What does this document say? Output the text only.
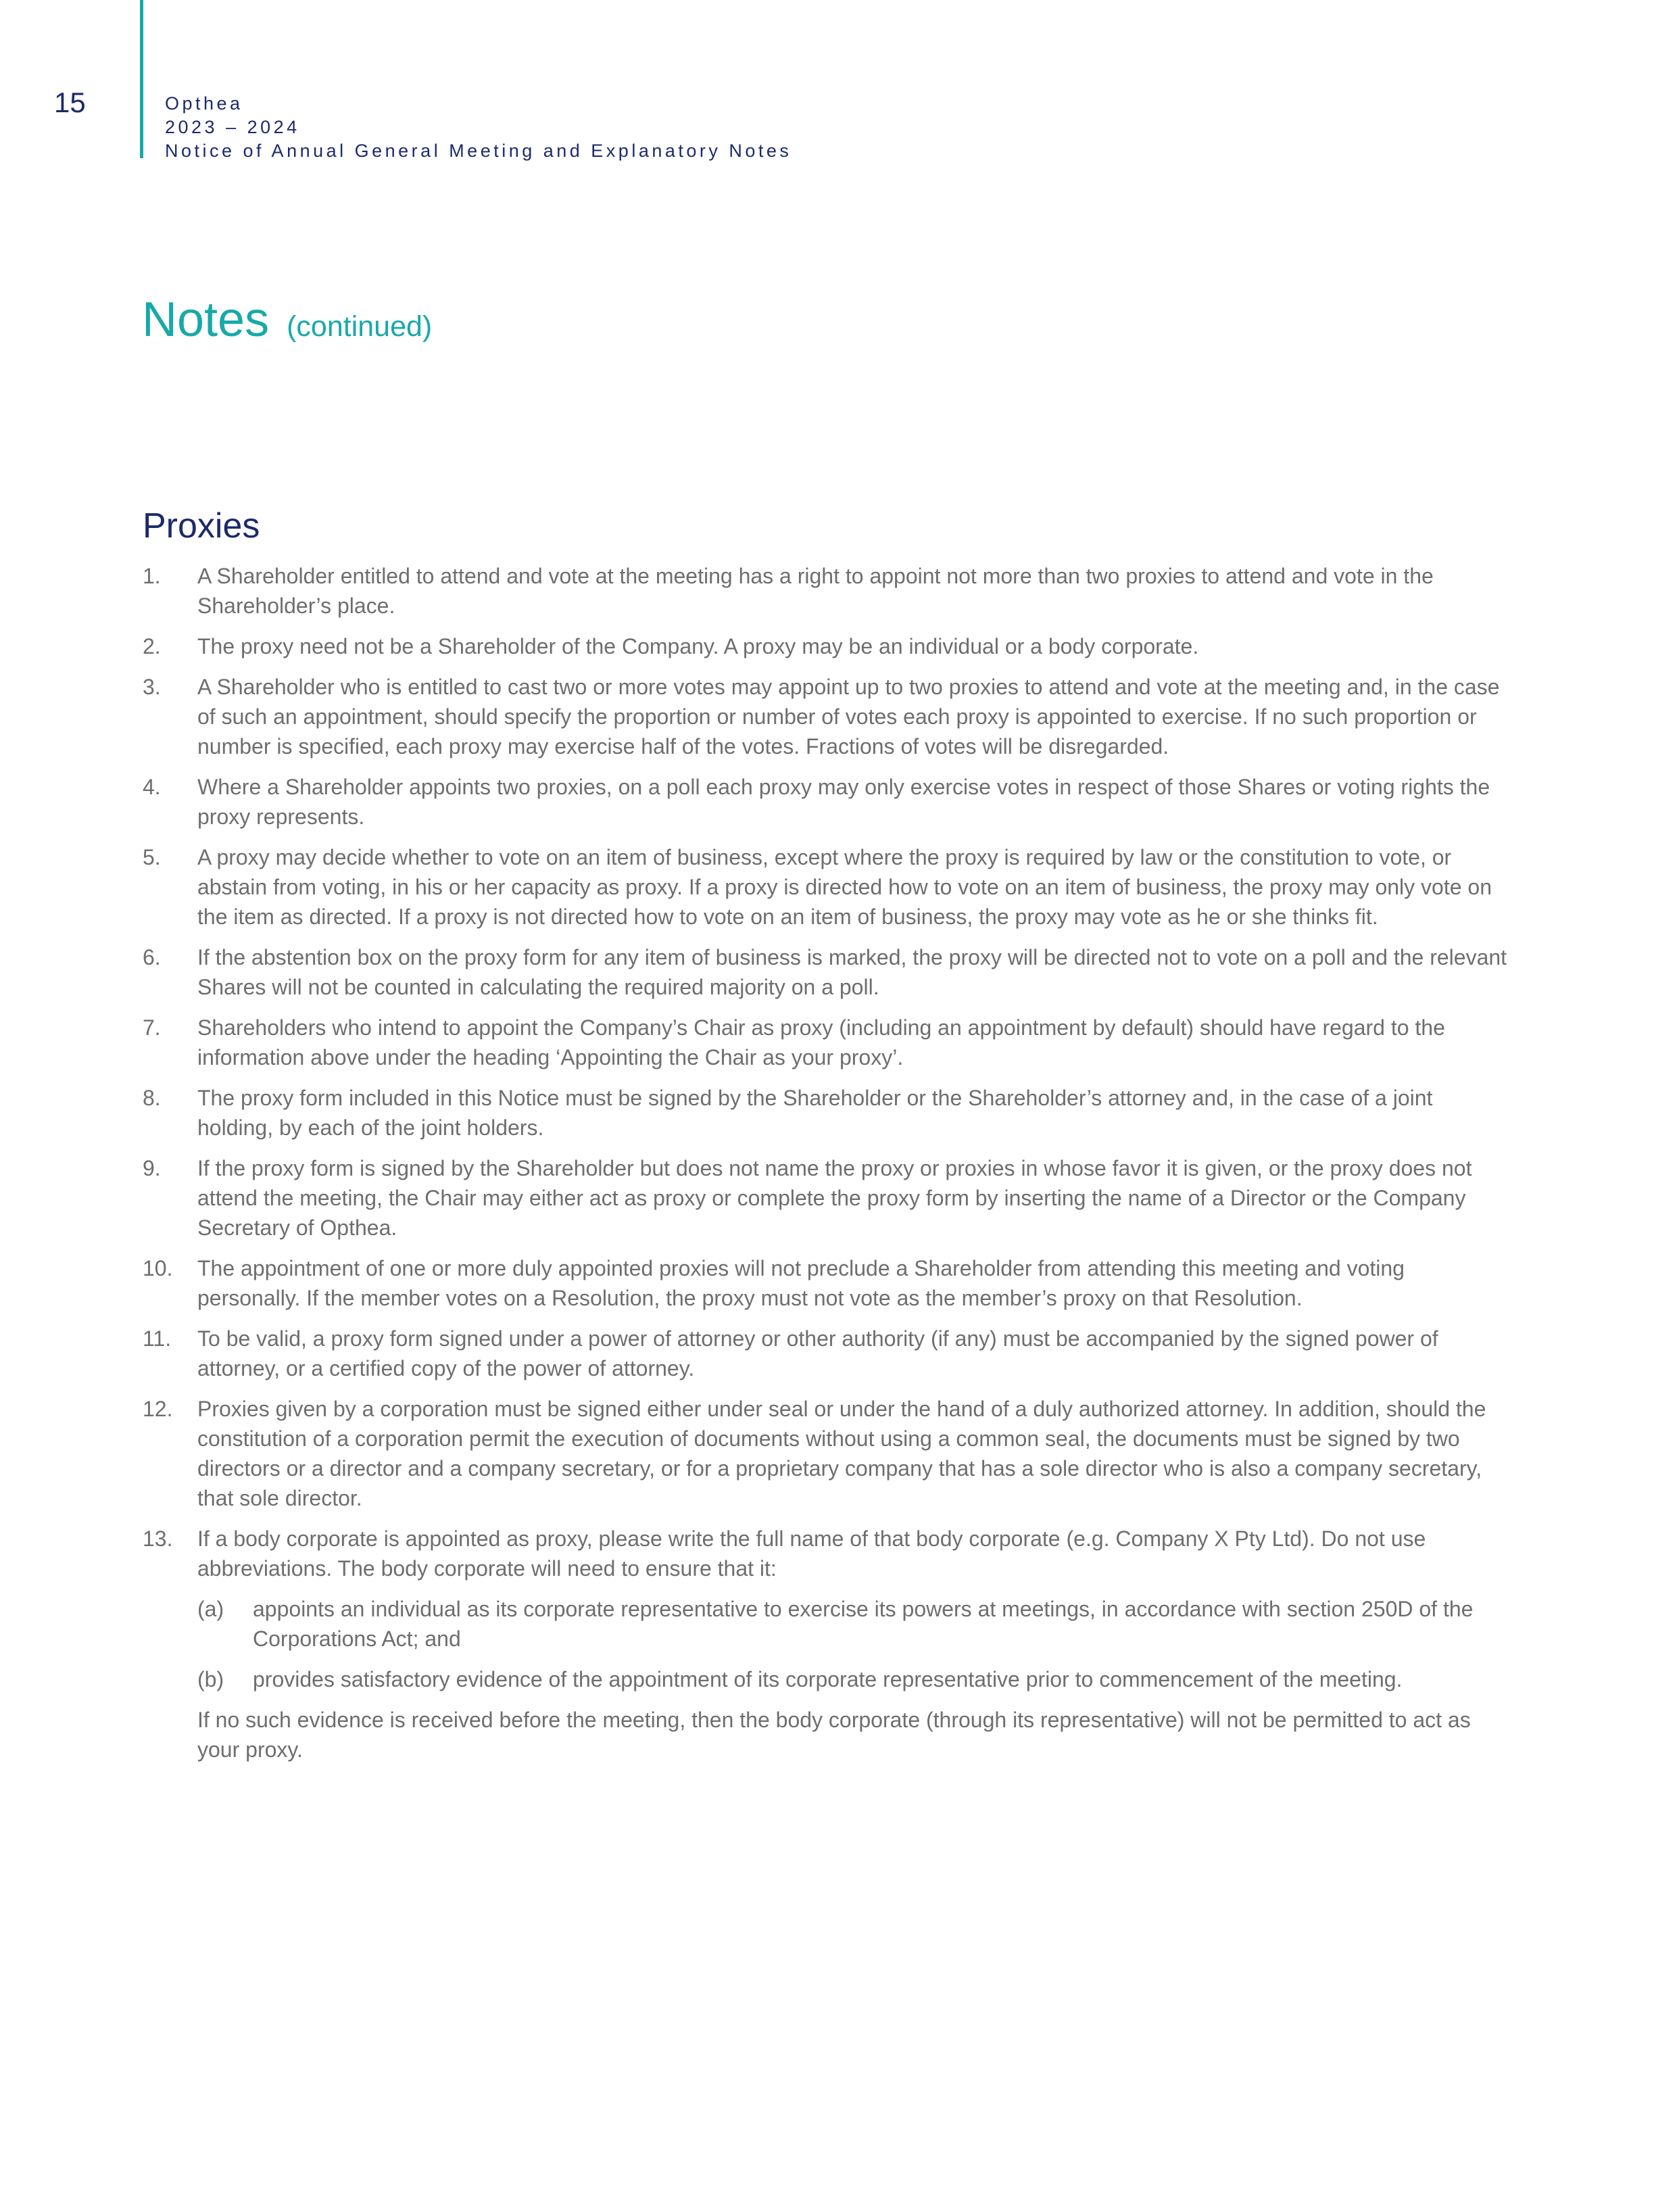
15	Opthea
2023 – 2024
Notice of Annual General Meeting and Explanatory Notes
Notes (continued)
Proxies
1. A Shareholder entitled to attend and vote at the meeting has a right to appoint not more than two proxies to attend and vote in the Shareholder’s place.
2. The proxy need not be a Shareholder of the Company. A proxy may be an individual or a body corporate.
3. A Shareholder who is entitled to cast two or more votes may appoint up to two proxies to attend and vote at the meeting and, in the case of such an appointment, should specify the proportion or number of votes each proxy is appointed to exercise. If no such proportion or number is specified, each proxy may exercise half of the votes. Fractions of votes will be disregarded.
4. Where a Shareholder appoints two proxies, on a poll each proxy may only exercise votes in respect of those Shares or voting rights the proxy represents.
5. A proxy may decide whether to vote on an item of business, except where the proxy is required by law or the constitution to vote, or abstain from voting, in his or her capacity as proxy. If a proxy is directed how to vote on an item of business, the proxy may only vote on the item as directed. If a proxy is not directed how to vote on an item of business, the proxy may vote as he or she thinks fit.
6. If the abstention box on the proxy form for any item of business is marked, the proxy will be directed not to vote on a poll and the relevant Shares will not be counted in calculating the required majority on a poll.
7. Shareholders who intend to appoint the Company’s Chair as proxy (including an appointment by default) should have regard to the information above under the heading ‘Appointing the Chair as your proxy’.
8. The proxy form included in this Notice must be signed by the Shareholder or the Shareholder’s attorney and, in the case of a joint holding, by each of the joint holders.
9. If the proxy form is signed by the Shareholder but does not name the proxy or proxies in whose favor it is given, or the proxy does not attend the meeting, the Chair may either act as proxy or complete the proxy form by inserting the name of a Director or the Company Secretary of Opthea.
10. The appointment of one or more duly appointed proxies will not preclude a Shareholder from attending this meeting and voting personally. If the member votes on a Resolution, the proxy must not vote as the member’s proxy on that Resolution.
11. To be valid, a proxy form signed under a power of attorney or other authority (if any) must be accompanied by the signed power of attorney, or a certified copy of the power of attorney.
12. Proxies given by a corporation must be signed either under seal or under the hand of a duly authorized attorney. In addition, should the constitution of a corporation permit the execution of documents without using a common seal, the documents must be signed by two directors or a director and a company secretary, or for a proprietary company that has a sole director who is also a company secretary, that sole director.
13. If a body corporate is appointed as proxy, please write the full name of that body corporate (e.g. Company X Pty Ltd). Do not use abbreviations. The body corporate will need to ensure that it:
(a) appoints an individual as its corporate representative to exercise its powers at meetings, in accordance with section 250D of the Corporations Act; and
(b) provides satisfactory evidence of the appointment of its corporate representative prior to commencement of the meeting.

If no such evidence is received before the meeting, then the body corporate (through its representative) will not be permitted to act as your proxy.
